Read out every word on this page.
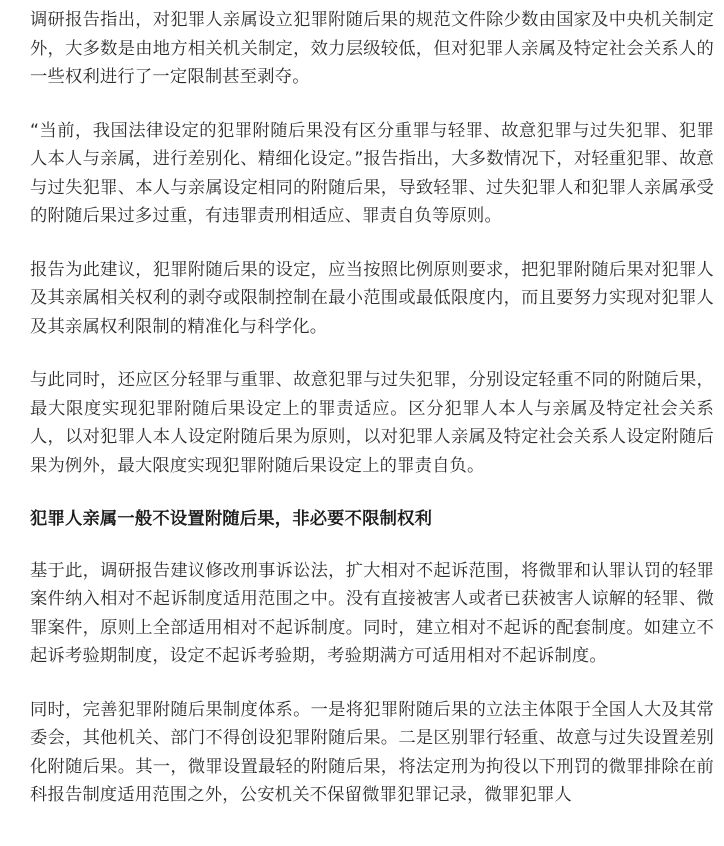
调研报告指出，对犯罪人亲属设立犯罪附随后果的规范文件除少数由国家及中央机关制定外，大多数是由地方相关机关制定，效力层级较低，但对犯罪人亲属及特定社会关系人的一些权利进行了一定限制甚至剥夺。

“当前，我国法律设定的犯罪附随后果没有区分重罪与轻罪、故意犯罪与过失犯罪、犯罪人本人与亲属，进行差别化、精细化设定。”报告指出，大多数情况下，对轻重犯罪、故意与过失犯罪、本人与亲属设定相同的附随后果，导致轻罪、过失犯罪人和犯罪人亲属承受的附随后果过多过重，有违罪责刑相适应、罪责自负等原则。

报告为此建议，犯罪附随后果的设定，应当按照比例原则要求，把犯罪附随后果对犯罪人及其亲属相关权利的剥夺或限制控制在最小范围或最低限度内，而且要努力实现对犯罪人及其亲属权利限制的精准化与科学化。

与此同时，还应区分轻罪与重罪、故意犯罪与过失犯罪，分别设定轻重不同的附随后果，最大限度实现犯罪附随后果设定上的罪责适应。区分犯罪人本人与亲属及特定社会关系人，以对犯罪人本人设定附随后果为原则，以对犯罪人亲属及特定社会关系人设定附随后果为例外，最大限度实现犯罪附随后果设定上的罪责自负。

犯罪人亲属一般不设置附随后果，非必要不限制权利

基于此，调研报告建议修改刑事诉讼法，扩大相对不起诉范围，将微罪和认罪认罚的轻罪案件纳入相对不起诉制度适用范围之中。没有直接被害人或者已获被害人谅解的轻罪、微罪案件，原则上全部适用相对不起诉制度。同时，建立相对不起诉的配套制度。如建立不起诉考验期制度，设定不起诉考验期，考验期满方可适用相对不起诉制度。

同时，完善犯罪附随后果制度体系。一是将犯罪附随后果的立法主体限于全国人大及其常委会，其他机关、部门不得创设犯罪附随后果。二是区别罪行轻重、故意与过失设置差别化附随后果。其一，微罪设置最轻的附随后果，将法定刑为拘役以下刑罚的微罪排除在前科报告制度适用范围之外，公安机关不保留微罪犯罪记录，微罪犯罪人
